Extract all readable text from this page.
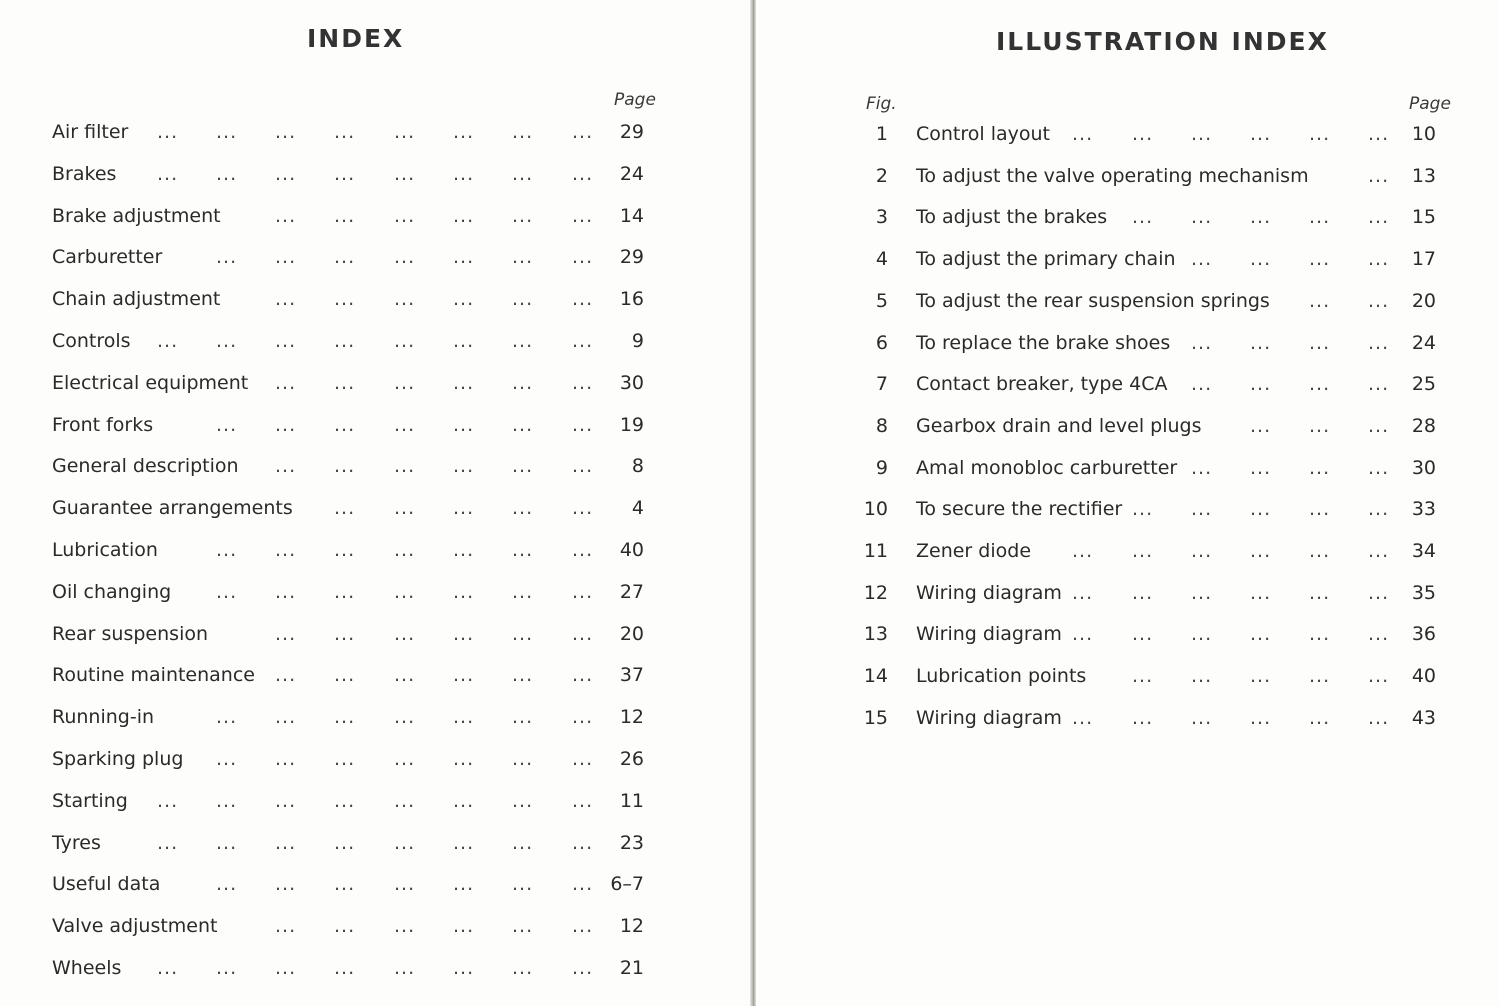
INDEX
Page
... ... ... ... ... ... ... ...
Air filter	29
... ... ... ... ... ... ... ...
Brakes	24
... ... ... ... ... ...
Brake adjustment	14
... ... ... ... ... ... ...
Carburetter	29
... ... ... ... ... ...
Chain adjustment	16
... ... ... ... ... ... ... ...
Controls	9
... ... ... ... ... ...
Electrical equipment	30
... ... ... ... ... ... ...
Front forks	19
... ... ... ... ... ...
General description	8
... ... ... ... ...
Guarantee arrangements	4
... ... ... ... ... ... ...
Lubrication	40
... ... ... ... ... ... ...
Oil changing	27
... ... ... ... ... ...
Rear suspension	20
... ... ... ... ... ...
Routine maintenance	37
... ... ... ... ... ... ...
Running-in	12
... ... ... ... ... ... ...
Sparking plug	26
... ... ... ... ... ... ... ...
Starting	11
... ... ... ... ... ... ... ...
Tyres	23
... ... ... ... ... ... ...
Useful data	6–7
... ... ... ... ... ...
Valve adjustment	12
... ... ... ... ... ... ... ...
Wheels	21
ILLUSTRATION INDEX
Fig.	Page
... ... ... ... ... ...
1 Control layout	10
...
2 To adjust the valve operating mechanism	13
... ... ... ... ...
3 To adjust the brakes	15
... ... ... ...
4 To adjust the primary chain	17
... ...
5 To adjust the rear suspension springs	20
... ... ... ...
6 To replace the brake shoes	24
... ... ... ...
7 Contact breaker, type 4CA	25
... ... ...
8 Gearbox drain and level plugs	28
... ... ... ...
9 Amal monobloc carburetter	30
... ... ... ... ...
10 To secure the rectifier	33
... ... ... ... ... ...
11 Zener diode	34
... ... ... ... ... ...
12 Wiring diagram	35
... ... ... ... ... ...
13 Wiring diagram	36
... ... ... ... ...
14 Lubrication points	40
... ... ... ... ... ...
15 Wiring diagram	43
